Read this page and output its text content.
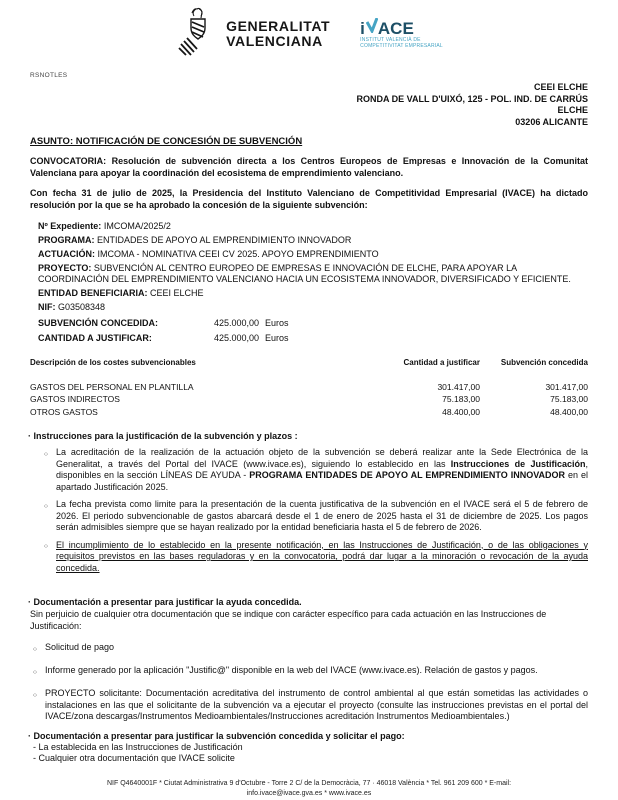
GENERALITAT
VALENCIANA
i ACE
INSTITUT VALENCIÀ DE
COMPETITIVITAT EMPRESARIAL
RSNOTLES
CEEI ELCHE
RONDA DE VALL D'UIXÓ, 125 - POL. IND. DE CARRÚS
ELCHE
03206 ALICANTE
ASUNTO: NOTIFICACIÓN DE CONCESIÓN DE SUBVENCIÓN

CONVOCATORIA: Resolución de subvención directa a los Centros Europeos de Empresas e Innovación de la Comunitat Valenciana para apoyar la coordinación del ecosistema de emprendimiento valenciano.

Con fecha 31 de julio de 2025, la Presidencia del Instituto Valenciano de Competitividad Empresarial (IVACE) ha dictado resolución por la que se ha aprobado la concesión de la siguiente subvención:

Nº Expediente: IMCOMA/2025/2
PROGRAMA: ENTIDADES DE APOYO AL EMPRENDIMIENTO INNOVADOR
ACTUACIÓN: IMCOMA - NOMINATIVA CEEI CV 2025. APOYO EMPRENDIMIENTO
PROYECTO: SUBVENCIÓN AL CENTRO EUROPEO DE EMPRESAS E INNOVACIÓN DE ELCHE, PARA APOYAR LA COORDINACIÓN DEL EMPRENDIMIENTO VALENCIANO HACIA UN ECOSISTEMA INNOVADOR, DIVERSIFICADO Y EFICIENTE.
ENTIDAD BENEFICIARIA: CEEI ELCHE
NIF: G03508348
SUBVENCIÓN CONCEDIDA:	425.000,00 Euros
CANTIDAD A JUSTIFICAR:	425.000,00 Euros
Descripción de los costes subvencionables	Cantidad a justificar	Subvención concedida
GASTOS DEL PERSONAL EN PLANTILLA	301.417,00	301.417,00
GASTOS INDIRECTOS	75.183,00	75.183,00
OTROS GASTOS	48.400,00	48.400,00
· Instrucciones para la justificación de la subvención y plazos :
○ La acreditación de la realización de la actuación objeto de la subvención se deberá realizar ante la Sede Electrónica de la Generalitat, a través del Portal del IVACE (www.ivace.es), siguiendo lo establecido en las Instrucciones de Justificación, disponibles en la sección LÍNEAS DE AYUDA - PROGRAMA ENTIDADES DE APOYO AL EMPRENDIMIENTO INNOVADOR en el apartado Justificación 2025.
○ La fecha prevista como limite para la presentación de la cuenta justificativa de la subvención en el IVACE será el 5 de febrero de 2026. El periodo subvencionable de gastos abarcará desde el 1 de enero de 2025 hasta el 31 de diciembre de 2025. Los pagos serán admisibles siempre que se hayan realizado por la entidad beneficiaria hasta el 5 de febrero de 2026.
○ El incumplimiento de lo establecido en la presente notificación, en las Instrucciones de Justificación, o de las obligaciones y requisitos previstos en las bases reguladoras y en la convocatoria, podrá dar lugar a la minoración o revocación de la ayuda concedida.
· Documentación a presentar para justificar la ayuda concedida.
Sin perjuicio de cualquier otra documentación que se indique con carácter específico para cada actuación en las Instrucciones de Justificación:
○ Solicitud de pago
○ Informe generado por la aplicación "Justific@" disponible en la web del IVACE (www.ivace.es). Relación de gastos y pagos.
○ PROYECTO solicitante: Documentación acreditativa del instrumento de control ambiental al que están sometidas las actividades o instalaciones en las que el solicitante de la subvención va a ejecutar el proyecto (consulte las instrucciones previstas en el portal del IVACE/zona descargas/Instrumentos Medioambientales/Instrucciones acreditación Instrumentos Medioambientales.)
· Documentación a presentar para justificar la subvención concedida y solicitar el pago:
- La establecida en las Instrucciones de Justificación
- Cualquier otra documentación que IVACE solicite
NIF Q4640001F * Ciutat Administrativa 9 d'Octubre - Torre 2 C/ de la Democràcia, 77 · 46018 València * Tel. 961 209 600 * E-mail:
info.ivace@ivace.gva.es * www.ivace.es
